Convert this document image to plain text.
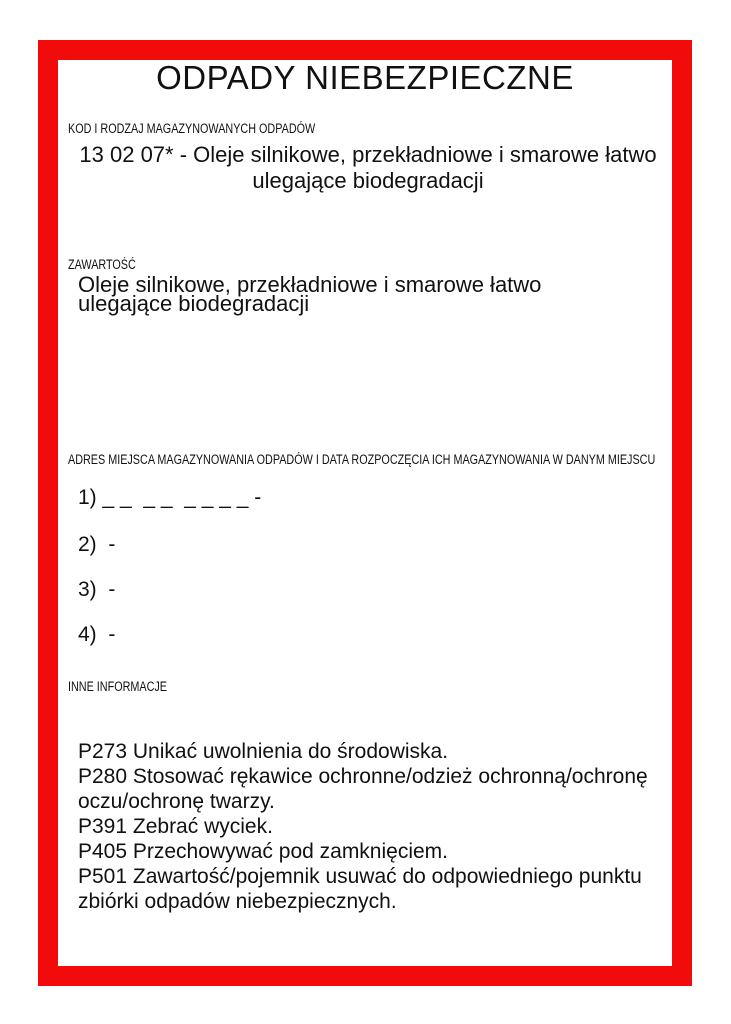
ODPADY NIEBEZPIECZNE
KOD I RODZAJ MAGAZYNOWANYCH ODPADÓW
13 02 07* - Oleje silnikowe, przekładniowe i smarowe łatwo ulegające biodegradacji
ZAWARTOŚĆ
Oleje silnikowe, przekładniowe i smarowe łatwo ulegające biodegradacji
ADRES MIEJSCA MAGAZYNOWANIA ODPADÓW I DATA ROZPOCZĘCIA ICH MAGAZYNOWANIA W DANYM MIEJSCU
1) _ _  _ _  _ _ _ _ -
2)  -
3)  -
4)  -
INNE INFORMACJE

P273 Unikać uwolnienia do środowiska.

P280 Stosować rękawice ochronne/odzież ochronną/ochronę oczu/ochronę twarzy.

P391 Zebrać wyciek.

P405 Przechowywać pod zamknięciem.

P501 Zawartość/pojemnik usuwać do odpowiedniego punktu zbiórki odpadów niebezpiecznych.
